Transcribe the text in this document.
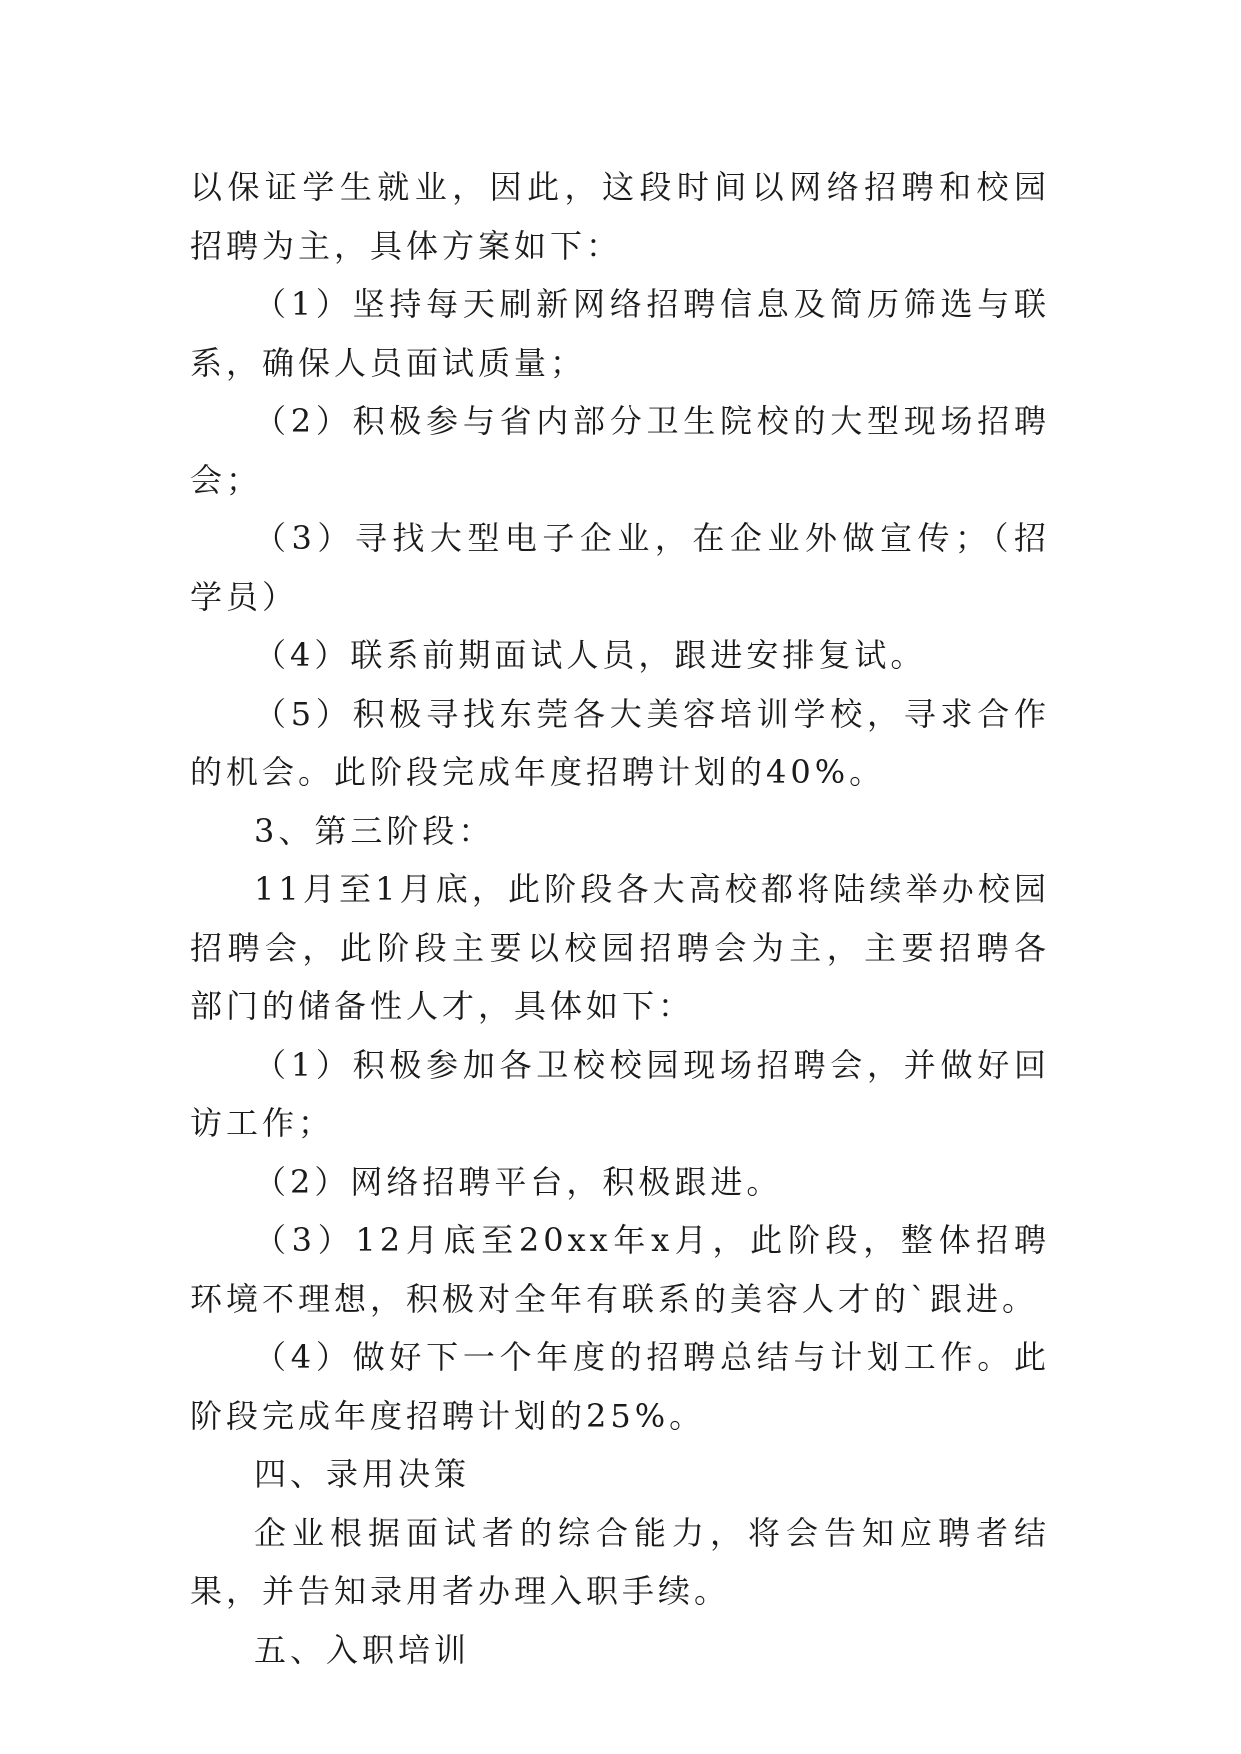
以保证学生就业，因此，这段时间以网络招聘和校园招聘为主，具体方案如下：

（1）坚持每天刷新网络招聘信息及简历筛选与联系，确保人员面试质量；

（2）积极参与省内部分卫生院校的大型现场招聘会；

（3）寻找大型电子企业，在企业外做宣传；（招学员）

（4）联系前期面试人员，跟进安排复试。

（5）积极寻找东莞各大美容培训学校，寻求合作的机会。此阶段完成年度招聘计划的40%。

3、第三阶段：

11月至1月底，此阶段各大高校都将陆续举办校园招聘会，此阶段主要以校园招聘会为主，主要招聘各部门的储备性人才，具体如下：

（1）积极参加各卫校校园现场招聘会，并做好回访工作；

（2）网络招聘平台，积极跟进。

（3）12月底至20xx年x月，此阶段，整体招聘环境不理想，积极对全年有联系的美容人才的`跟进。

（4）做好下一个年度的招聘总结与计划工作。此阶段完成年度招聘计划的25%。

四、录用决策

企业根据面试者的综合能力，将会告知应聘者结果，并告知录用者办理入职手续。

五、入职培训
